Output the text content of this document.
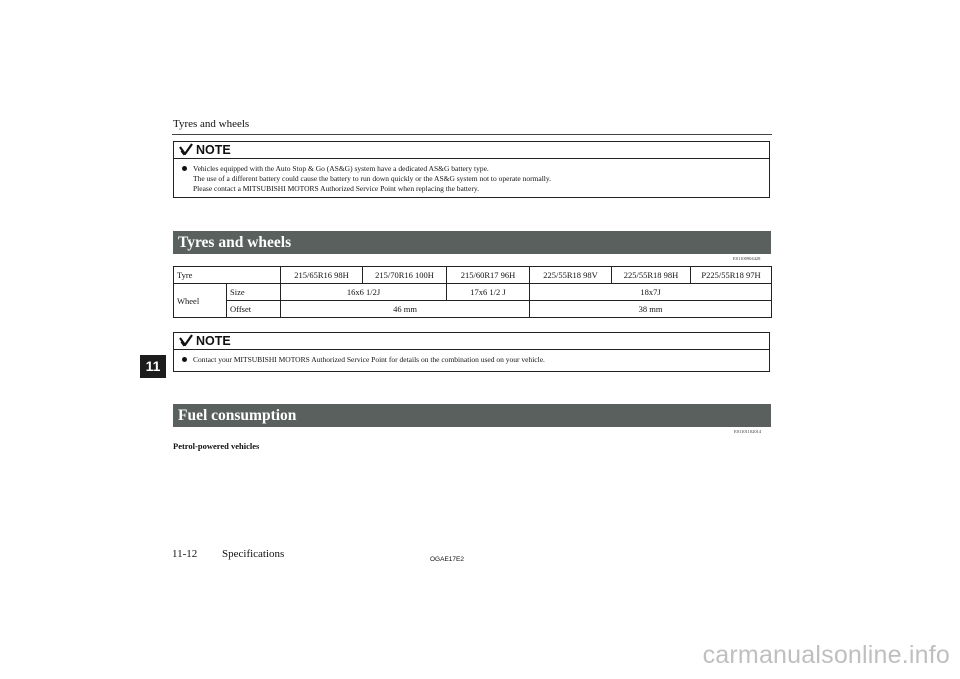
Tyres and wheels
NOTE
Vehicles equipped with the Auto Stop & Go (AS&G) system have a dedicated AS&G battery type.
The use of a different battery could cause the battery to run down quickly or the AS&G system not to operate normally.
Please contact a MITSUBISHI MOTORS Authorized Service Point when replacing the battery.
Tyres and wheels
E01100904428
Tyre		215/65R16 98H	215/70R16 100H	215/60R17 96H	225/55R18 98V	225/55R18 98H	P225/55R18 97H
Wheel	Size	16x6 1/2J		17x6 1/2 J	18x7J		
	Offset	46 mm			38 mm		
NOTE
Contact your MITSUBISHI MOTORS Authorized Service Point for details on the combination used on your vehicle.
11
Fuel consumption
E01101102014
Petrol-powered vehicles
11-12 Specifications	OGAE17E2
carmanualsonline.info
